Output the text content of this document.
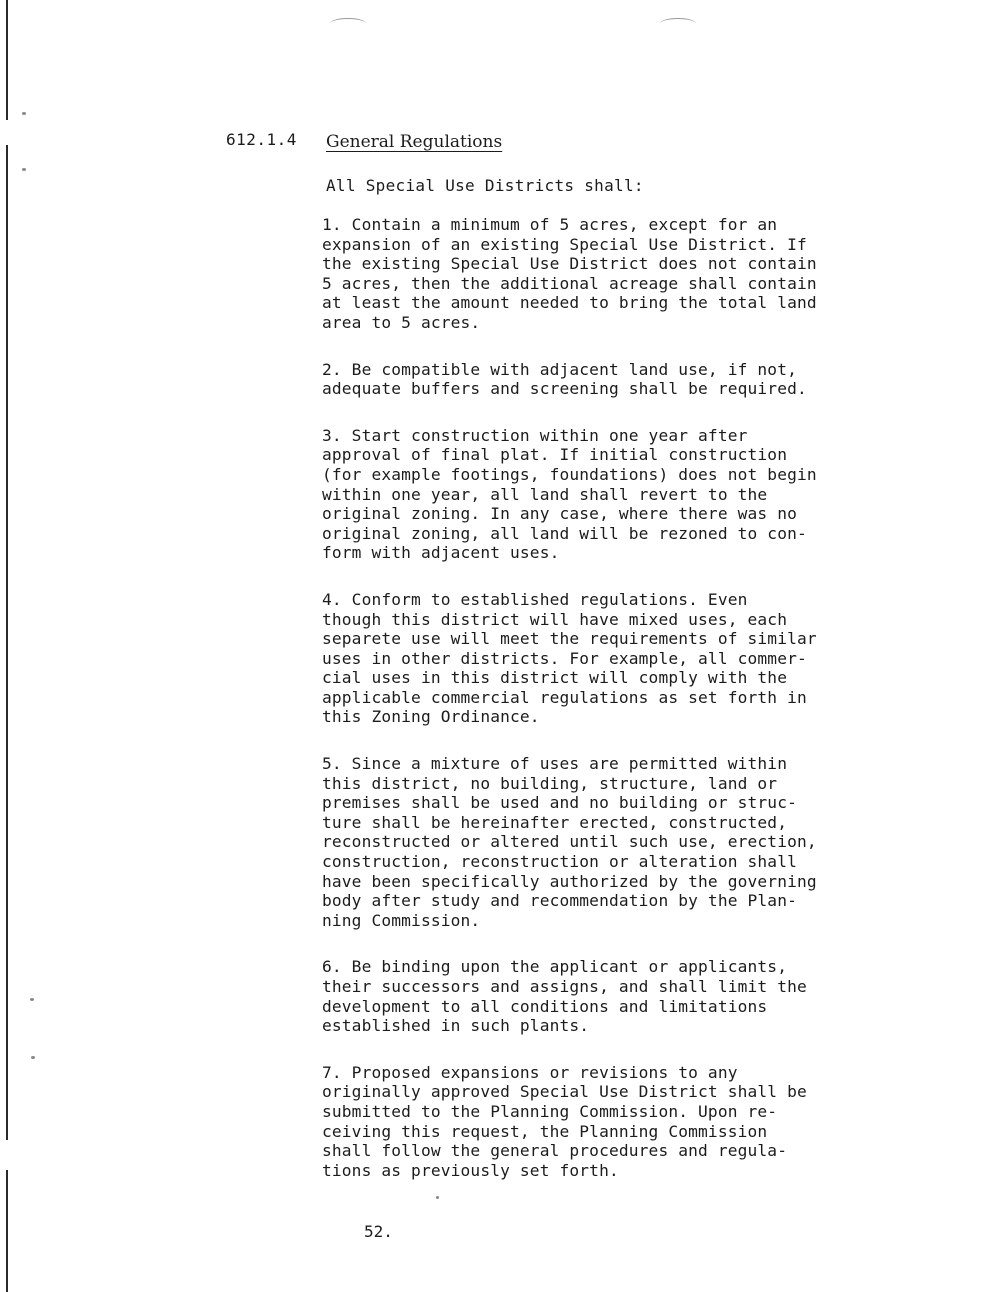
612.1.4 General Regulations
All Special Use Districts shall:
1. Contain a minimum of 5 acres, except for an
expansion of an existing Special Use District. If
the existing Special Use District does not contain
5 acres, then the additional acreage shall contain
at least the amount needed to bring the total land
area to 5 acres.
2. Be compatible with adjacent land use, if not,
adequate buffers and screening shall be required.
3. Start construction within one year after
approval of final plat. If initial construction
(for example footings, foundations) does not begin
within one year, all land shall revert to the
original zoning. In any case, where there was no
original zoning, all land will be rezoned to con-
form with adjacent uses.
4. Conform to established regulations. Even
though this district will have mixed uses, each
separete use will meet the requirements of similar
uses in other districts. For example, all commer-
cial uses in this district will comply with the
applicable commercial regulations as set forth in
this Zoning Ordinance.
5. Since a mixture of uses are permitted within
this district, no building, structure, land or
premises shall be used and no building or struc-
ture shall be hereinafter erected, constructed,
reconstructed or altered until such use, erection,
construction, reconstruction or alteration shall
have been specifically authorized by the governing
body after study and recommendation by the Plan-
ning Commission.
6. Be binding upon the applicant or applicants,
their successors and assigns, and shall limit the
development to all conditions and limitations
established in such plants.
7. Proposed expansions or revisions to any
originally approved Special Use District shall be
submitted to the Planning Commission. Upon re-
ceiving this request, the Planning Commission
shall follow the general procedures and regula-
tions as previously set forth.
52.
